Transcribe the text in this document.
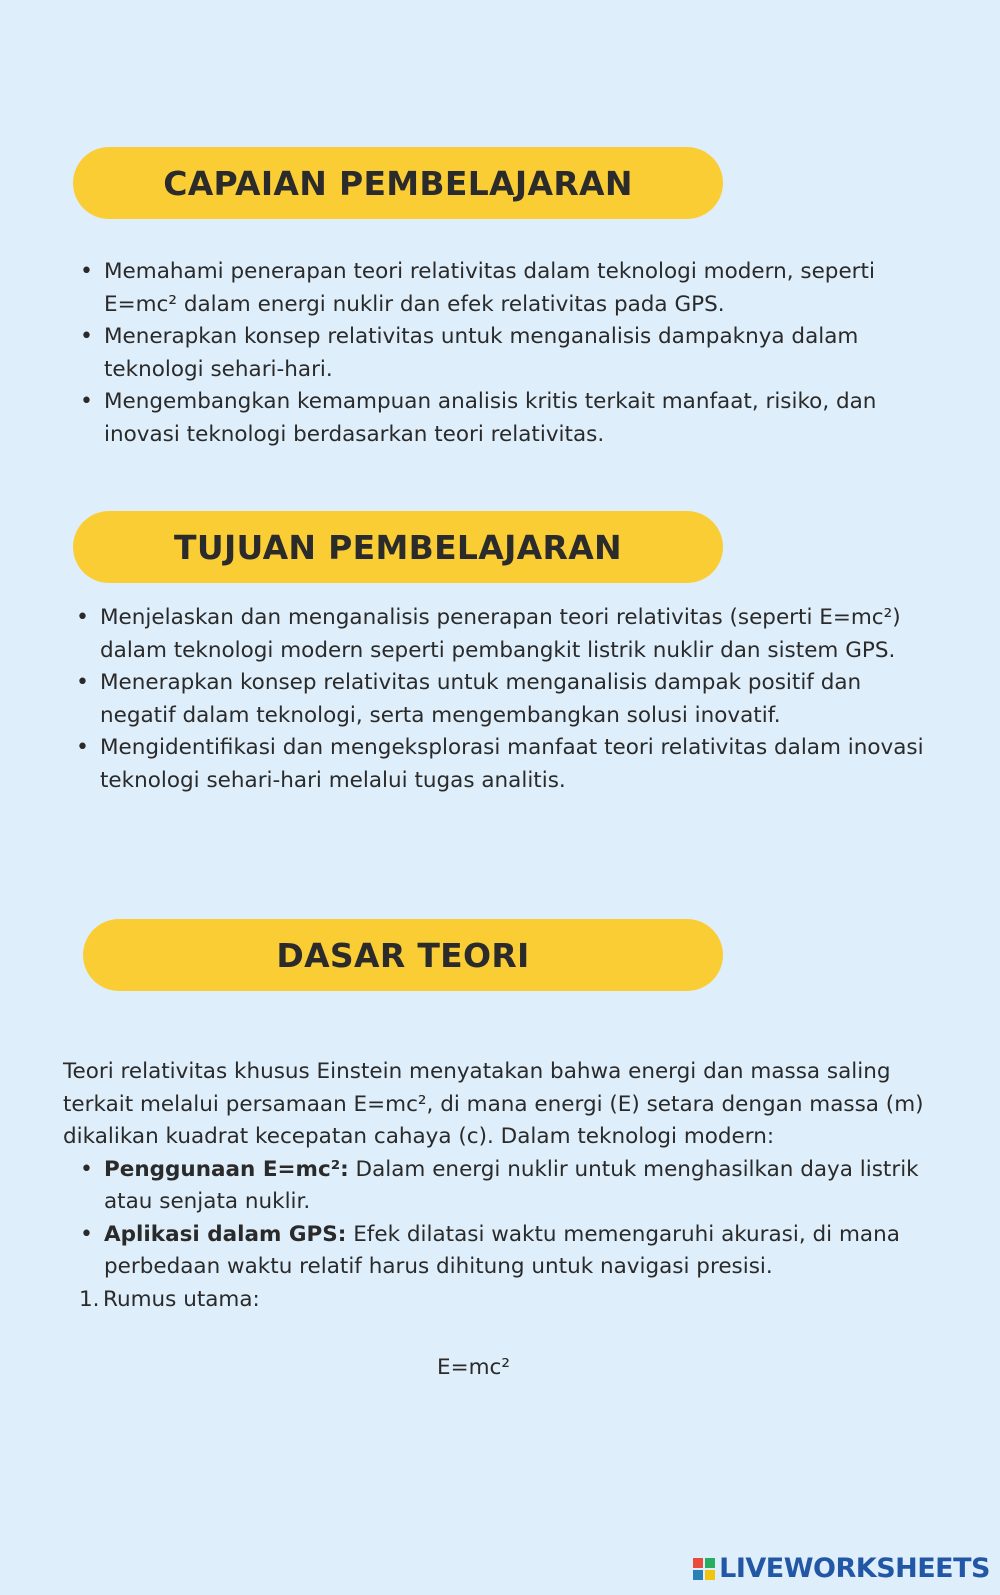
CAPAIAN PEMBELAJARAN
• Memahami penerapan teori relativitas dalam teknologi modern, seperti E=mc² dalam energi nuklir dan efek relativitas pada GPS.
• Menerapkan konsep relativitas untuk menganalisis dampaknya dalam teknologi sehari-hari.
• Mengembangkan kemampuan analisis kritis terkait manfaat, risiko, dan inovasi teknologi berdasarkan teori relativitas.
TUJUAN PEMBELAJARAN
• Menjelaskan dan menganalisis penerapan teori relativitas (seperti E=mc²) dalam teknologi modern seperti pembangkit listrik nuklir dan sistem GPS.
• Menerapkan konsep relativitas untuk menganalisis dampak positif dan negatif dalam teknologi, serta mengembangkan solusi inovatif.
• Mengidentifikasi dan mengeksplorasi manfaat teori relativitas dalam inovasi teknologi sehari-hari melalui tugas analitis.
DASAR TEORI

Teori relativitas khusus Einstein menyatakan bahwa energi dan massa saling terkait melalui persamaan E=mc², di mana energi (E) setara dengan massa (m) dikalikan kuadrat kecepatan cahaya (c). Dalam teknologi modern:

• Penggunaan E=mc²: Dalam energi nuklir untuk menghasilkan daya listrik atau senjata nuklir.
• Aplikasi dalam GPS: Efek dilatasi waktu memengaruhi akurasi, di mana perbedaan waktu relatif harus dihitung untuk navigasi presisi.
1. Rumus utama:
E=mc²
LIVEWORKSHEETS
